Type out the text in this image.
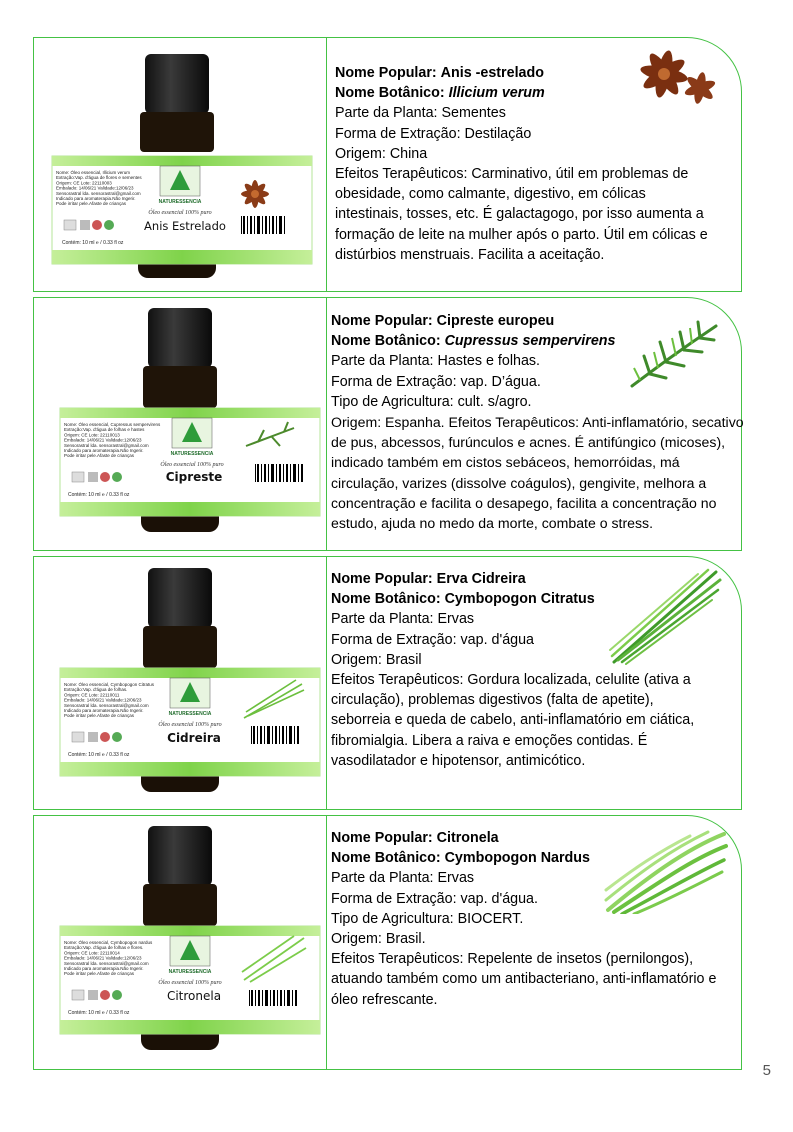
NATURESSENCIA
Nome: Óleo essencial, Illicium verum
Extração:Vap. d'água de flores e sementes
Origem: CE Lote: 22110003
Embalado: 14/06/21 Validade:12/06/23
Sensorastral lda. sensorastral@gmail.com
Indicado para aromaterapia.Não Ingerir.
Pode irritar pele.Afaste de crianças
Óleo essencial 100% puro
Anis Estrelado
Contém: 10 ml ℮ / 0.33 fl oz
Nome Popular: Anis -estrelado
Nome Botânico: Illicium verum
Parte da Planta: Sementes
Forma de Extração: Destilação
Origem: China
Efeitos Terapêuticos: Carminativo, útil em problemas de obesidade, como calmante, digestivo, em cólicas intestinais, tosses, etc. É galactagogo, por isso aumenta a formação de leite na mulher após o parto. Útil em cólicas e distúrbios menstruais. Facilita a aceitação.
NATURESSENCIA
Nome: Óleo essencial, Cupressus sempervirens
Extração:Vap. d'água de folhas e hastes
Origem: CE Lote: 22110013
Embalado: 14/06/21 Validade:12/06/23
Sensorastral lda. sensorastral@gmail.com
Indicado para aromaterapia.Não Ingerir.
Pode irritar pele.Afaste de crianças
Óleo essencial 100% puro
Cipreste
Contém: 10 ml ℮ / 0.33 fl oz
Nome Popular: Cipreste europeu
Nome Botânico: Cupressus sempervirens
Parte da Planta: Hastes e folhas.
Forma de Extração: vap. D’água.
Tipo de Agricultura: cult. s/agro.
Origem: Espanha. Efeitos Terapêuticos: Anti-inflamatório, secativo de pus, abcessos, furúnculos e acnes. É antifúngico (micoses), indicado também em cistos sebáceos, hemorróidas, má circulação, varizes (dissolve coágulos), gengivite, melhora a concentração e facilita o desapego, facilita a concentração no estudo, ajuda no medo da morte, combate o stress.
NATURESSENCIA
Nome: Óleo essencial, Cymbopogon Citratus
Extração:Vap. d'água de folhas.
Origem: CE Lote: 22110011
Embalado: 14/06/21 Validade:12/06/23
Sensorastral lda. sensorastral@gmail.com
Indicado para aromaterapia.Não Ingerir.
Pode irritar pele.Afaste de crianças
Óleo essencial 100% puro
Cidreira
Contém: 10 ml ℮ / 0.33 fl oz
Nome Popular: Erva Cidreira
Nome Botânico: Cymbopogon Citratus
Parte da Planta: Ervas
Forma de Extração: vap. d'água
Origem: Brasil
Efeitos Terapêuticos: Gordura localizada, celulite (ativa a circulação), problemas digestivos (falta de apetite), seborreia e queda de cabelo, anti-inflamatório em ciática, fibromialgia. Libera a raiva e emoções contidas. É vasodilatador e hipotensor, antimicótico.
NATURESSENCIA
Nome: Óleo essencial, Cymbopogon nardus
Extração:Vap. d'água de folhas e flores.
Origem: CE Lote: 22110014
Embalado: 14/06/21 Validade:12/06/23
Sensorastral lda. sensorastral@gmail.com
Indicado para aromaterapia.Não Ingerir.
Pode irritar pele.Afaste de crianças
Óleo essencial 100% puro
Citronela
Contém: 10 ml ℮ / 0.33 fl oz
Nome Popular: Citronela
Nome Botânico: Cymbopogon Nardus
Parte da Planta: Ervas
Forma de Extração: vap. d'água.
Tipo de Agricultura: BIOCERT.
Origem: Brasil.
Efeitos Terapêuticos: Repelente de insetos (pernilongos), atuando também como um antibacteriano, anti-inflamatório e óleo refrescante.
5
